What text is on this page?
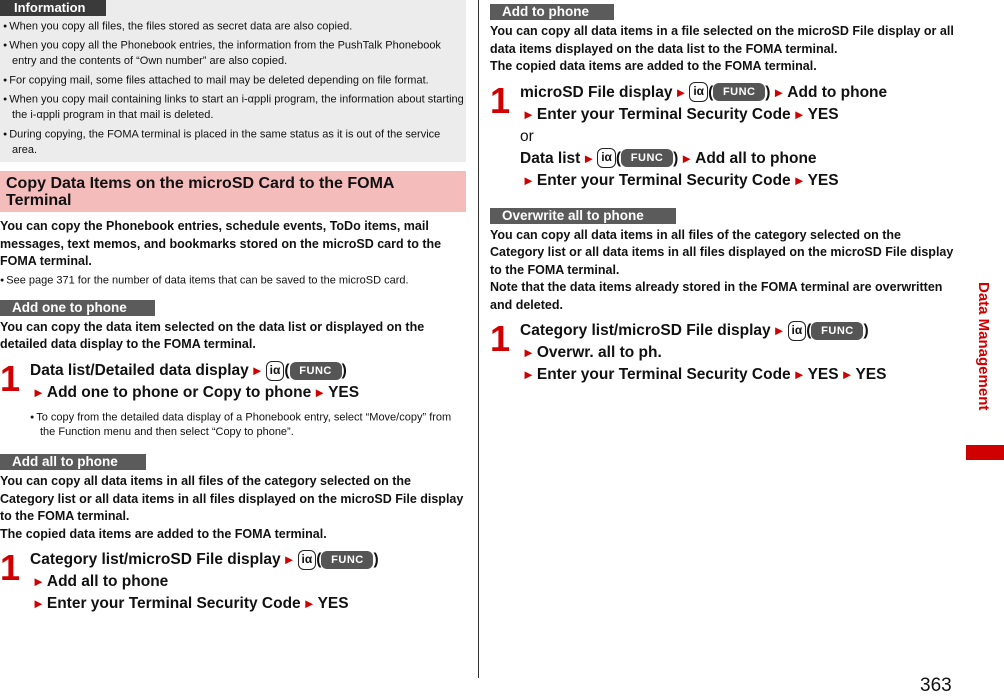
Information
● When you copy all files, the files stored as secret data are also copied.
● When you copy all the Phonebook entries, the information from the PushTalk Phonebook entry and the contents of “Own number” are also copied.
● For copying mail, some files attached to mail may be deleted depending on file format.
● When you copy mail containing links to start an i-αppli program, the information about starting the i-αppli program in that mail is deleted.
● During copying, the FOMA terminal is placed in the same status as it is out of the service area.
Copy Data Items on the microSD Card to the FOMA Terminal

You can copy the Phonebook entries, schedule events, ToDo items, mail messages, text memos, and bookmarks stored on the microSD card to the FOMA terminal.

● See page 371 for the number of data items that can be saved to the microSD card.

Add one to phone

You can copy the data item selected on the data list or displayed on the detailed data display to the FOMA terminal.

1 Data list/Detailed data display ► iα ( FUNC )
► Add one to phone or Copy to phone ► YES

● To copy from the detailed data display of a Phonebook entry, select “Move/copy” from the Function menu and then select “Copy to phone”.

Add all to phone

You can copy all data items in all files of the category selected on the Category list or all data items in all files displayed on the microSD File display to the FOMA terminal.

The copied data items are added to the FOMA terminal.

1 Category list/microSD File display ► iα ( FUNC )
► Add all to phone
► Enter your Terminal Security Code ► YES
Add to phone

You can copy all data items in a file selected on the microSD File display or all data items displayed on the data list to the FOMA terminal.

The copied data items are added to the FOMA terminal.

1 microSD File display ► iα ( FUNC ) ► Add to phone
► Enter your Terminal Security Code ► YES
or
Data list ► iα ( FUNC ) ► Add all to phone
► Enter your Terminal Security Code ► YES
Overwrite all to phone

You can copy all data items in all files of the category selected on the Category list or all data items in all files displayed on the microSD File display to the FOMA terminal.

Note that the data items already stored in the FOMA terminal are overwritten and deleted.

1 Category list/microSD File display ► iα ( FUNC )
► Overwr. all to ph.
► Enter your Terminal Security Code ► YES ► YES	Data Management
363
